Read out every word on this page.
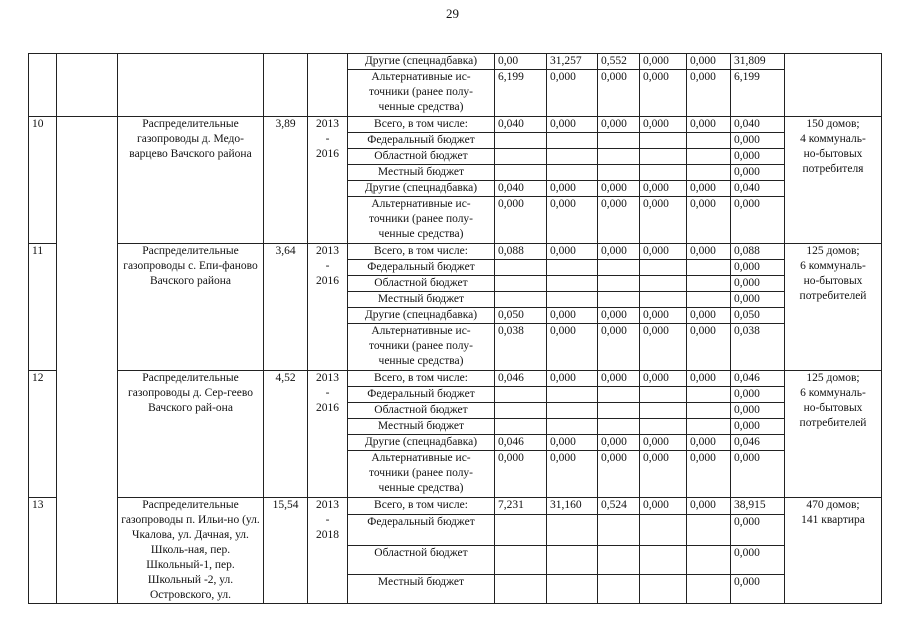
29
					Другие (спецнадбавка)	0,00	31,257	0,552	0,000	0,000	31,809	
					Альтернативные ис-
точники (ранее полу-
ченные средства)	6,199	0,000	0,000	0,000	0,000	6,199	
10		Распределительные газопроводы д. Медо-варцево Вачского района	3,89	2013
-
2016	Всего, в том числе:	0,040	0,000	0,000	0,000	0,000	0,040	150 домов;
4 коммуналь-
но-бытовых
потребителя
					Федеральный бюджет						0,000	
					Областной бюджет						0,000	
					Местный бюджет						0,000	
					Другие (спецнадбавка)	0,040	0,000	0,000	0,000	0,000	0,040	
					Альтернативные ис-
точники (ранее полу-
ченные средства)	0,000	0,000	0,000	0,000	0,000	0,000	
11		Распределительные газопроводы с. Епи-фаново Вачского района	3,64	2013
-
2016	Всего, в том числе:	0,088	0,000	0,000	0,000	0,000	0,088	125 домов;
6 коммуналь-
но-бытовых
потребителей
					Федеральный бюджет						0,000	
					Областной бюджет						0,000	
					Местный бюджет						0,000	
					Другие (спецнадбавка)	0,050	0,000	0,000	0,000	0,000	0,050	
					Альтернативные ис-
точники (ранее полу-
ченные средства)	0,038	0,000	0,000	0,000	0,000	0,038	
12		Распределительные газопроводы д. Сер-геево Вачского рай-она	4,52	2013
-
2016	Всего, в том числе:	0,046	0,000	0,000	0,000	0,000	0,046	125 домов;
6 коммуналь-
но-бытовых
потребителей
					Федеральный бюджет						0,000	
					Областной бюджет						0,000	
					Местный бюджет						0,000	
					Другие (спецнадбавка)	0,046	0,000	0,000	0,000	0,000	0,046	
					Альтернативные ис-
точники (ранее полу-
ченные средства)	0,000	0,000	0,000	0,000	0,000	0,000	
13		Распределительные газопроводы п. Ильи-но (ул. Чкалова, ул. Дачная, ул. Школь-ная, пер. Школьный-1, пер. Школьный -2, ул. Островского, ул.	15,54	2013
-
2018	Всего, в том числе:	7,231	31,160	0,524	0,000	0,000	38,915	470 домов;
141 квартира
					Федеральный бюджет						0,000	
					Областной бюджет						0,000	
					Местный бюджет						0,000	
